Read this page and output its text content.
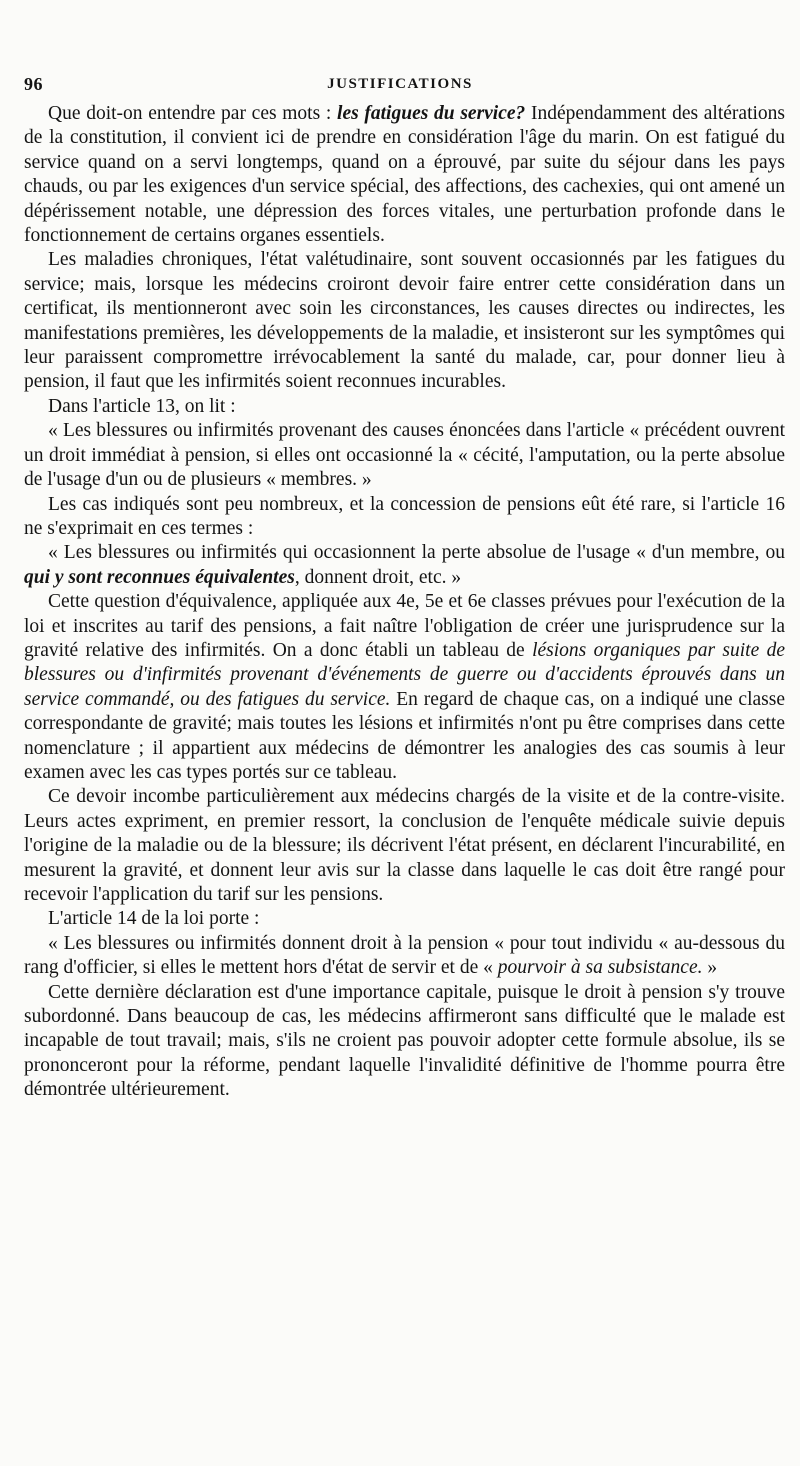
96	JUSTIFICATIONS

Que doit-on entendre par ces mots : les fatigues du service? Indépendamment des altérations de la constitution, il convient ici de prendre en considération l'âge du marin. On est fatigué du service quand on a servi longtemps, quand on a éprouvé, par suite du séjour dans les pays chauds, ou par les exigences d'un service spécial, des affections, des cachexies, qui ont amené un dépérissement notable, une dépression des forces vitales, une perturbation profonde dans le fonctionnement de certains organes essentiels.

Les maladies chroniques, l'état valétudinaire, sont souvent occasionnés par les fatigues du service; mais, lorsque les médecins croiront devoir faire entrer cette considération dans un certificat, ils mentionneront avec soin les circonstances, les causes directes ou indirectes, les manifestations premières, les développements de la maladie, et insisteront sur les symptômes qui leur paraissent compromettre irrévocablement la santé du malade, car, pour donner lieu à pension, il faut que les infirmités soient reconnues incurables.

Dans l'article 13, on lit :

« Les blessures ou infirmités provenant des causes énoncées dans l'article « précédent ouvrent un droit immédiat à pension, si elles ont occasionné la « cécité, l'amputation, ou la perte absolue de l'usage d'un ou de plusieurs « membres. »

Les cas indiqués sont peu nombreux, et la concession de pensions eût été rare, si l'article 16 ne s'exprimait en ces termes :

« Les blessures ou infirmités qui occasionnent la perte absolue de l'usage « d'un membre, ou qui y sont reconnues équivalentes, donnent droit, etc. »

Cette question d'équivalence, appliquée aux 4e, 5e et 6e classes prévues pour l'exécution de la loi et inscrites au tarif des pensions, a fait naître l'obligation de créer une jurisprudence sur la gravité relative des infirmités. On a donc établi un tableau de lésions organiques par suite de blessures ou d'infirmités provenant d'événements de guerre ou d'accidents éprouvés dans un service commandé, ou des fatigues du service. En regard de chaque cas, on a indiqué une classe correspondante de gravité; mais toutes les lésions et infirmités n'ont pu être comprises dans cette nomenclature ; il appartient aux médecins de démontrer les analogies des cas soumis à leur examen avec les cas types portés sur ce tableau.

Ce devoir incombe particulièrement aux médecins chargés de la visite et de la contre-visite. Leurs actes expriment, en premier ressort, la conclusion de l'enquête médicale suivie depuis l'origine de la maladie ou de la blessure; ils décrivent l'état présent, en déclarent l'incurabilité, en mesurent la gravité, et donnent leur avis sur la classe dans laquelle le cas doit être rangé pour recevoir l'application du tarif sur les pensions.

L'article 14 de la loi porte :

« Les blessures ou infirmités donnent droit à la pension « pour tout individu « au-dessous du rang d'officier, si elles le mettent hors d'état de servir et de « pourvoir à sa subsistance. »

Cette dernière déclaration est d'une importance capitale, puisque le droit à pension s'y trouve subordonné. Dans beaucoup de cas, les médecins affirmeront sans difficulté que le malade est incapable de tout travail; mais, s'ils ne croient pas pouvoir adopter cette formule absolue, ils se prononceront pour la réforme, pendant laquelle l'invalidité définitive de l'homme pourra être démontrée ultérieurement.
